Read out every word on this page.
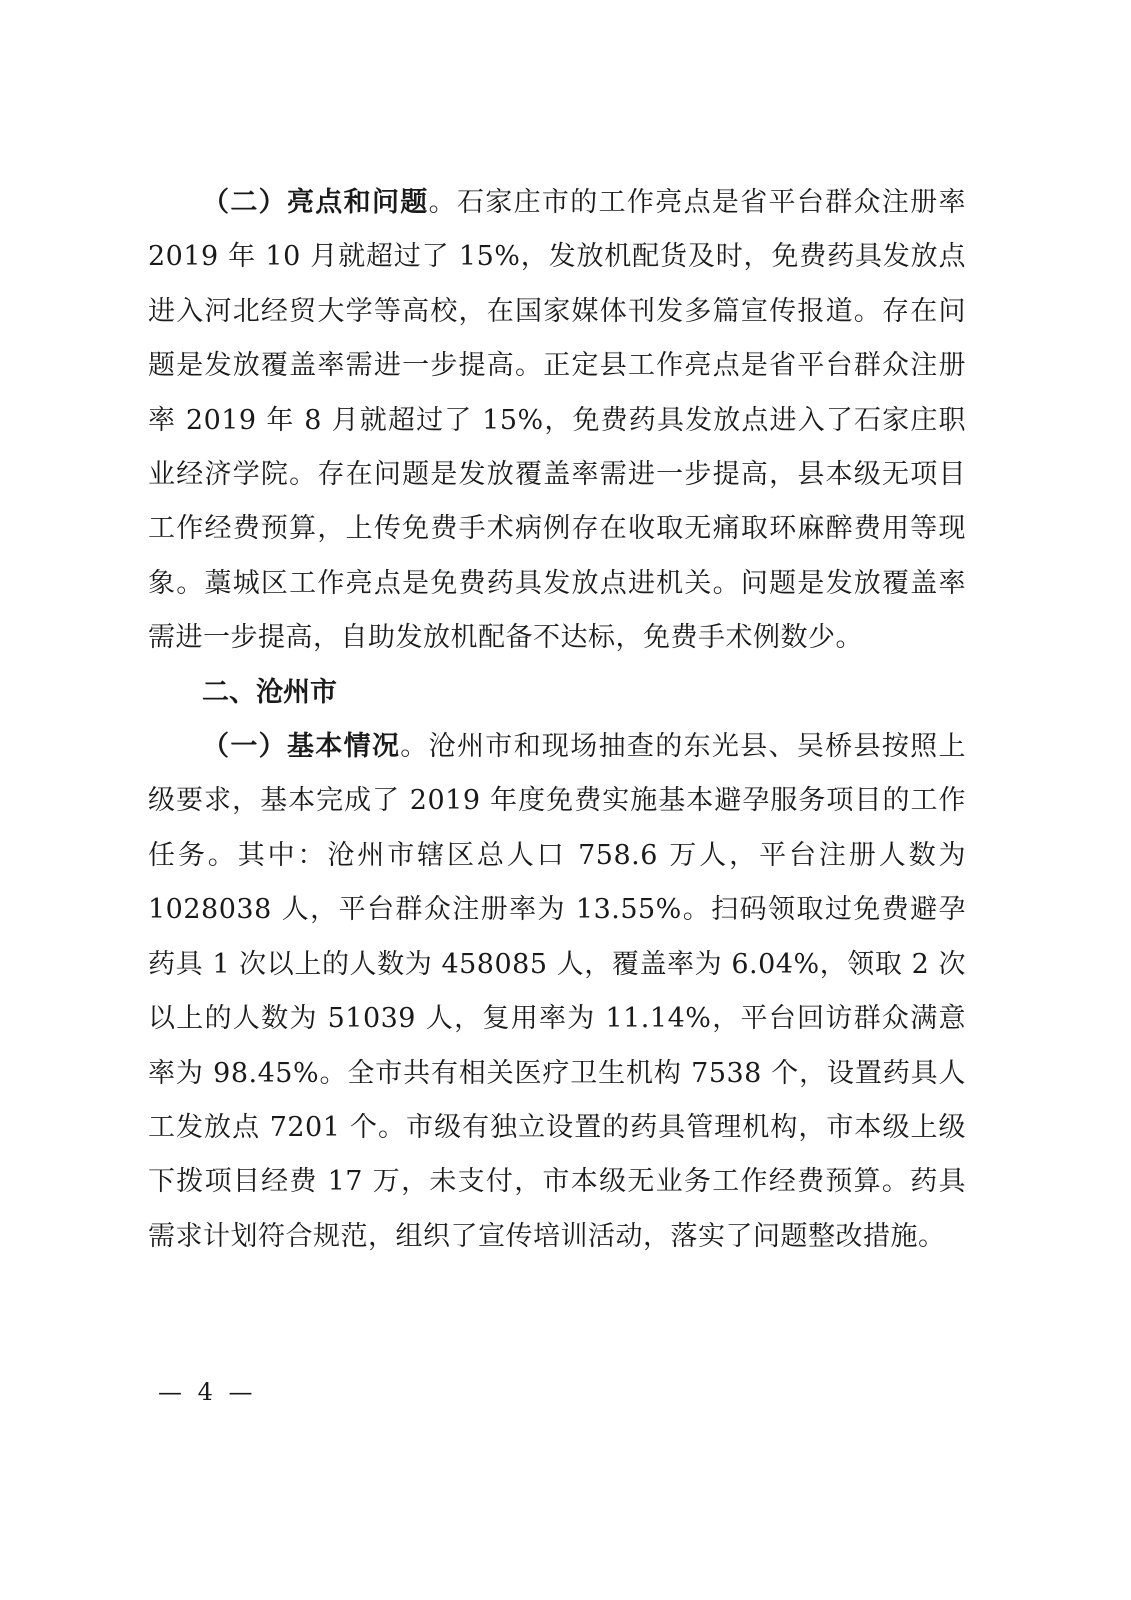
（二）亮点和问题。石家庄市的工作亮点是省平台群众注册率 2019 年 10 月就超过了 15%，发放机配货及时，免费药具发放点进入河北经贸大学等高校，在国家媒体刊发多篇宣传报道。存在问题是发放覆盖率需进一步提高。正定县工作亮点是省平台群众注册率 2019 年 8 月就超过了 15%，免费药具发放点进入了石家庄职业经济学院。存在问题是发放覆盖率需进一步提高，县本级无项目工作经费预算，上传免费手术病例存在收取无痛取环麻醉费用等现象。藁城区工作亮点是免费药具发放点进机关。问题是发放覆盖率需进一步提高，自助发放机配备不达标，免费手术例数少。

二、沧州市

（一）基本情况。沧州市和现场抽查的东光县、吴桥县按照上级要求，基本完成了 2019 年度免费实施基本避孕服务项目的工作任务。其中：沧州市辖区总人口 758.6 万人，平台注册人数为 1028038 人，平台群众注册率为 13.55%。扫码领取过免费避孕药具 1 次以上的人数为 458085 人，覆盖率为 6.04%，领取 2 次以上的人数为 51039 人，复用率为 11.14%，平台回访群众满意率为 98.45%。全市共有相关医疗卫生机构 7538 个，设置药具人工发放点 7201 个。市级有独立设置的药具管理机构，市本级上级下拨项目经费 17 万，未支付，市本级无业务工作经费预算。药具需求计划符合规范，组织了宣传培训活动，落实了问题整改措施。

— 4 —
